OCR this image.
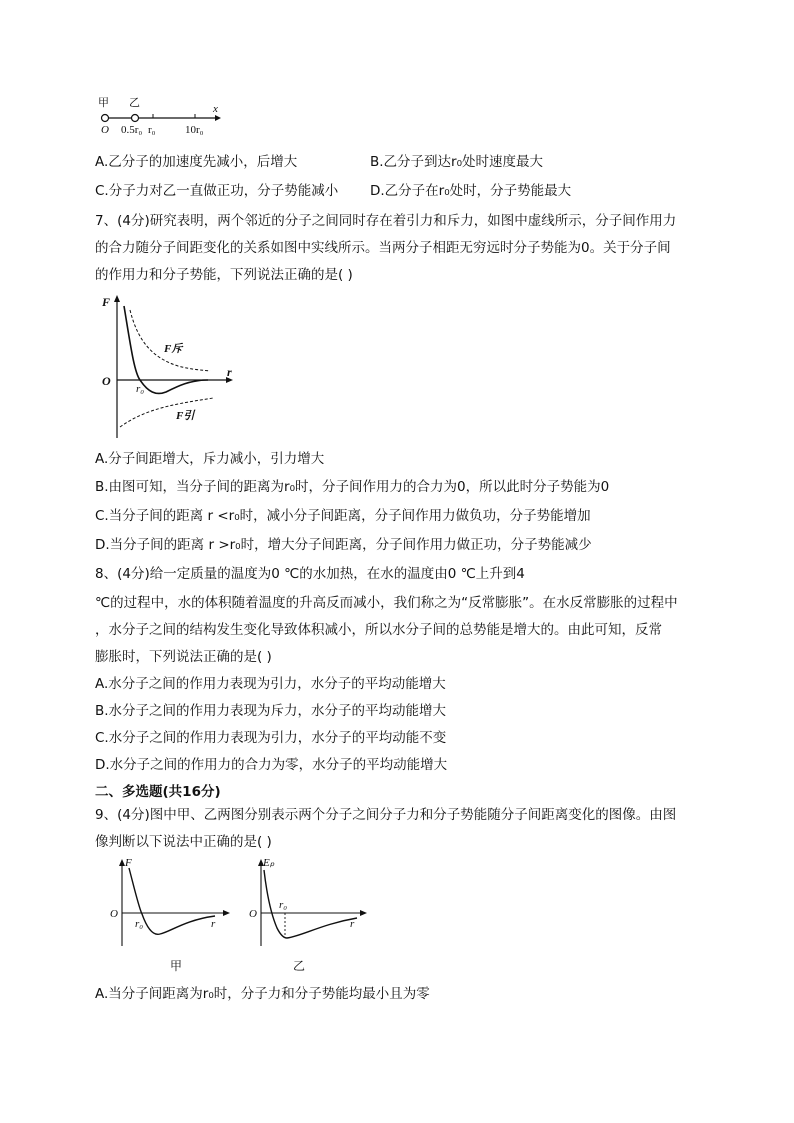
甲 乙	x
O 0.5r₀ r₀	10r₀
A.乙分子的加速度先减小，后增大	B.乙分子到达r₀处时速度最大
C.分子力对乙一直做正功，分子势能减小 D.乙分子在r₀处时，分子势能最大
7、(4分)研究表明，两个邻近的分子之间同时存在着引力和斥力，如图中虚线所示，分子间作用力
的合力随分子间距变化的关系如图中实线所示。当两分子相距无穷远时分子势能为0。关于分子间
的作用力和分子势能，下列说法正确的是( )
F
O
r
r₀
F斥
F引
A.分子间距增大，斥力减小，引力增大
B.由图可知，当分子间的距离为r₀时，分子间作用力的合力为0，所以此时分子势能为0
C.当分子间的距离 r <r₀时，减小分子间距离，分子间作用力做负功，分子势能增加
D.当分子间的距离 r >r₀时，增大分子间距离，分子间作用力做正功，分子势能减少
8、(4分)给一定质量的温度为0 ℃的水加热，在水的温度由0 ℃上升到4
℃的过程中，水的体积随着温度的升高反而减小，我们称之为“反常膨胀”。在水反常膨胀的过程中
，水分子之间的结构发生变化导致体积减小，所以水分子间的总势能是增大的。由此可知，反常
膨胀时，下列说法正确的是( )
A.水分子之间的作用力表现为引力，水分子的平均动能增大
B.水分子之间的作用力表现为斥力，水分子的平均动能增大
C.水分子之间的作用力表现为引力，水分子的平均动能不变
D.水分子之间的作用力的合力为零，水分子的平均动能增大
二、多选题(共16分)
9、(4分)图中甲、乙两图分别表示两个分子之间分子力和分子势能随分子间距离变化的图像。由图
像判断以下说法中正确的是( )
F
O
r
r₀
甲
Eₚ
O
r
r₀
乙
A.当分子间距离为r₀时，分子力和分子势能均最小且为零
